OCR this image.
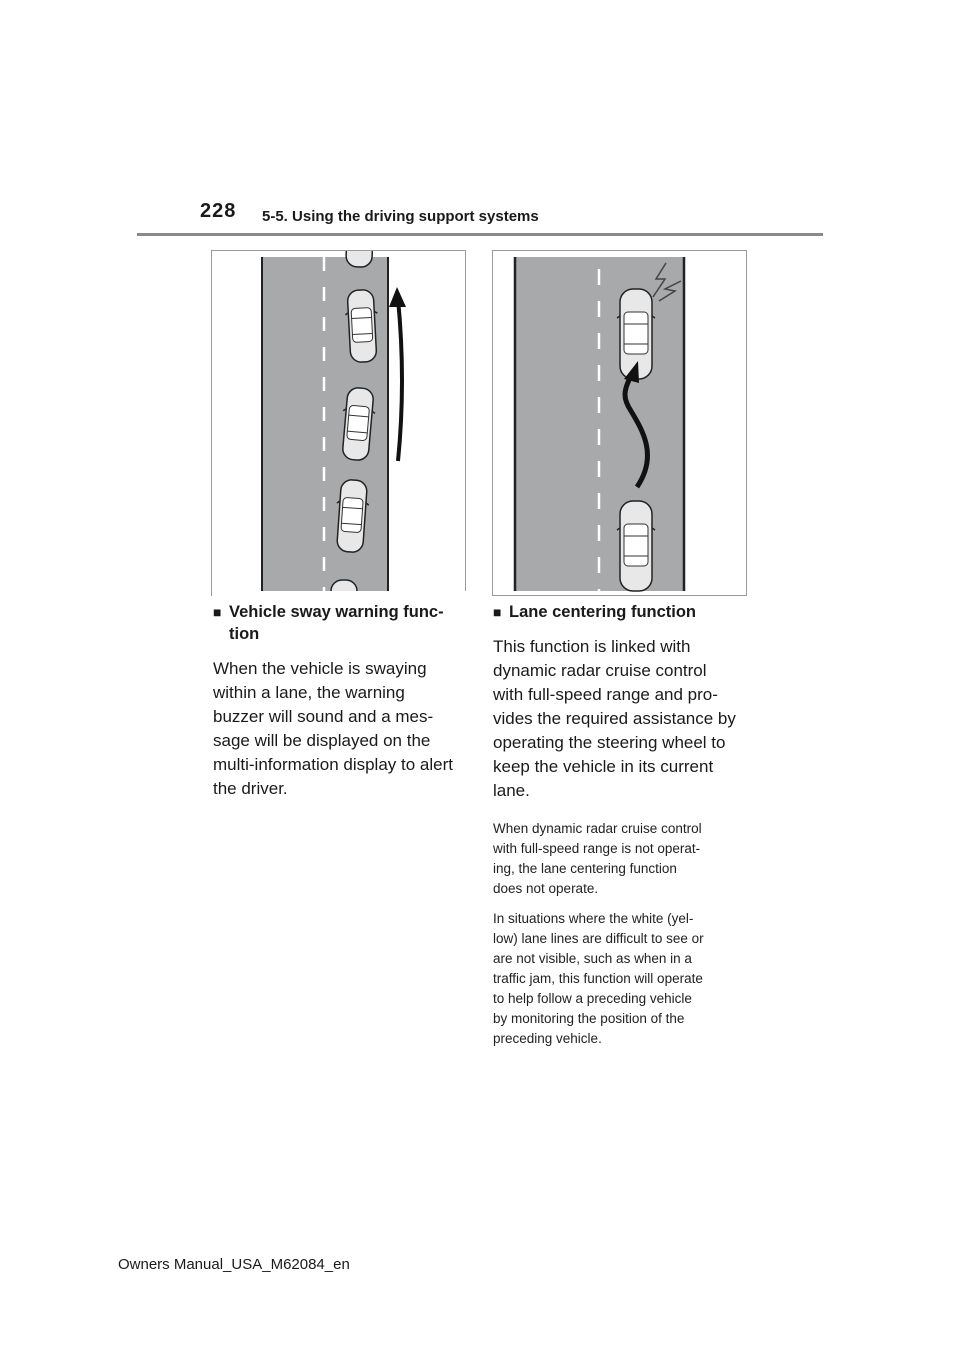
228 5-5. Using the driving support systems
■ Vehicle sway warning func-
tion
When the vehicle is swaying
within a lane, the warning
buzzer will sound and a mes-
sage will be displayed on the
multi-information display to alert
the driver.
■ Lane centering function
This function is linked with
dynamic radar cruise control
with full-speed range and pro-
vides the required assistance by
operating the steering wheel to
keep the vehicle in its current
lane.
When dynamic radar cruise control
with full-speed range is not operat-
ing, the lane centering function
does not operate.
In situations where the white (yel-
low) lane lines are difficult to see or
are not visible, such as when in a
traffic jam, this function will operate
to help follow a preceding vehicle
by monitoring the position of the
preceding vehicle.
Owners Manual_USA_M62084_en
